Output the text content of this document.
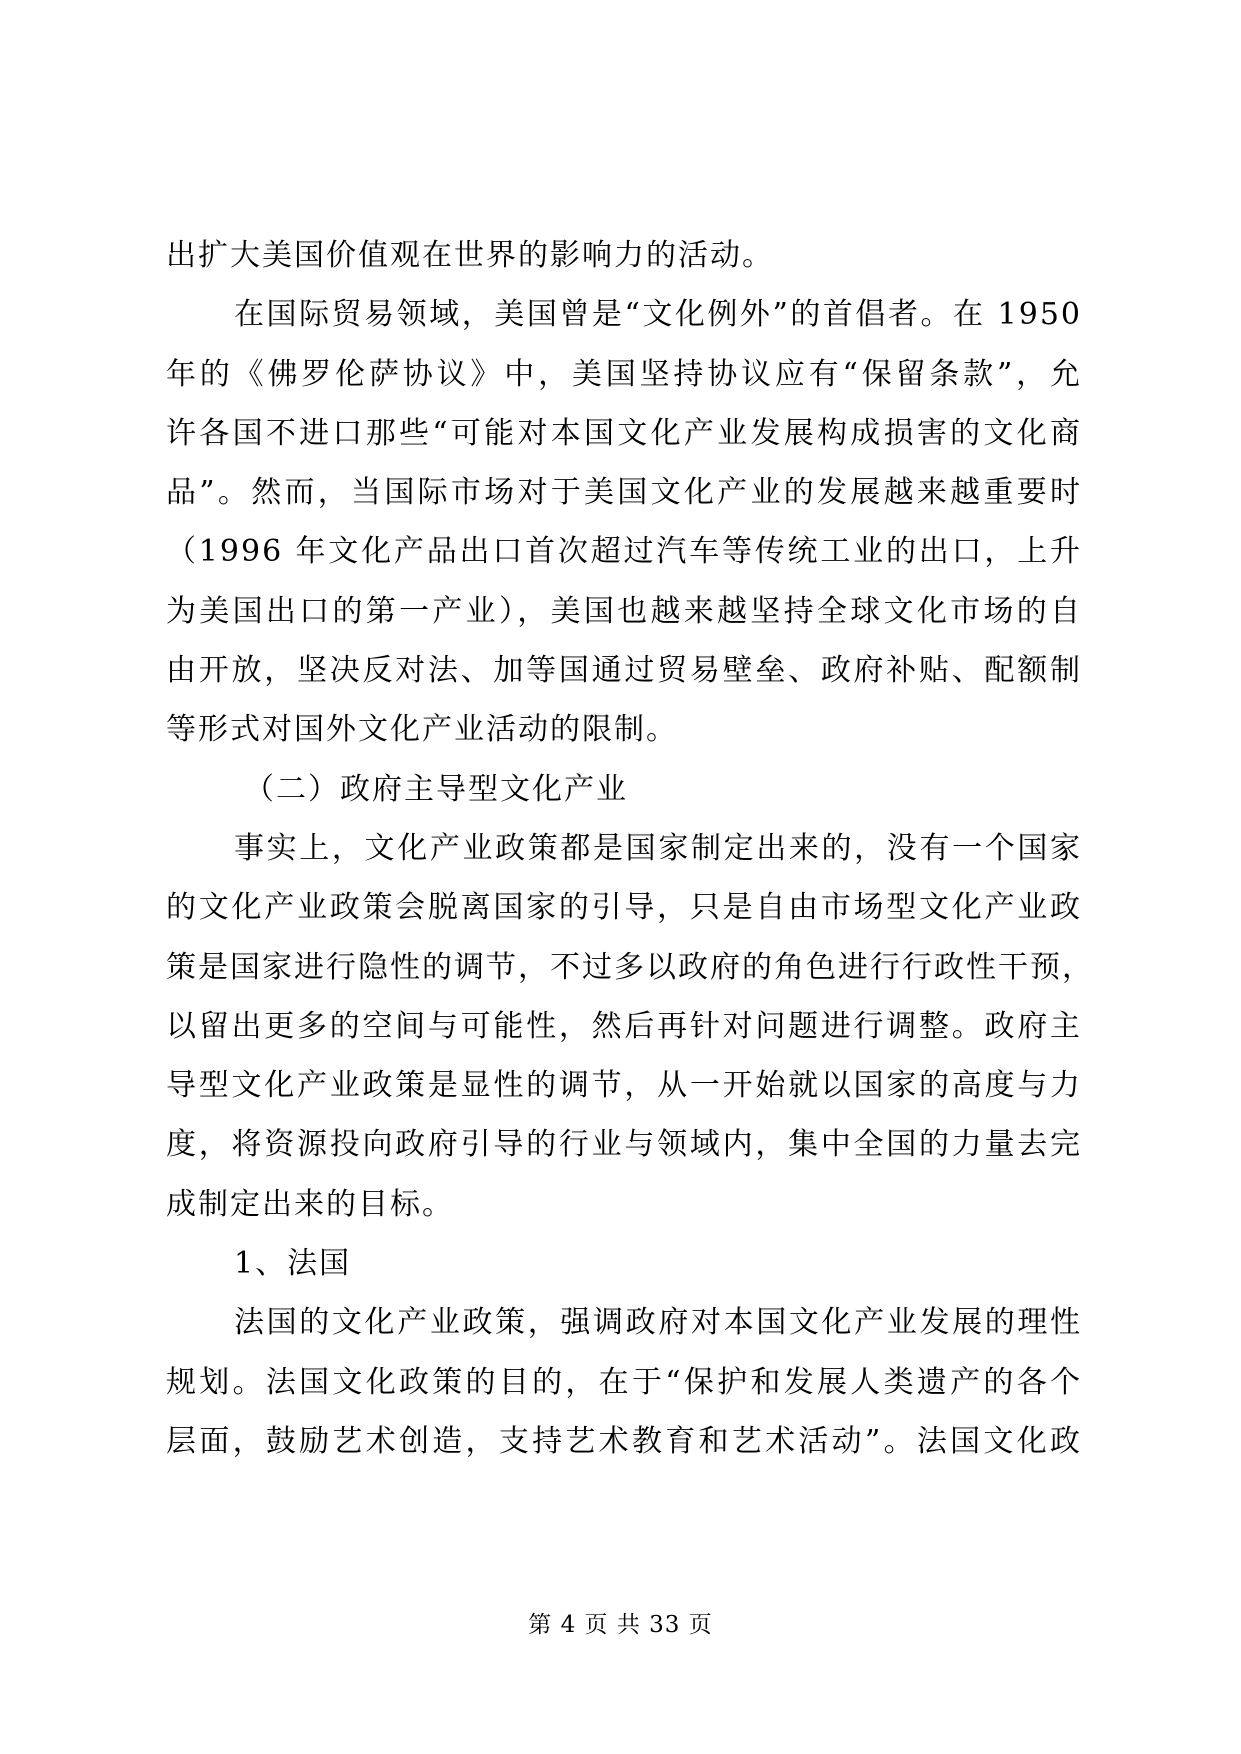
出扩大美国价值观在世界的影响力的活动。
在国际贸易领域，美国曾是“文化例外”的首倡者。在 1950
年的《佛罗伦萨协议》中，美国坚持协议应有“保留条款”，允
许各国不进口那些“可能对本国文化产业发展构成损害的文化商
品”。然而，当国际市场对于美国文化产业的发展越来越重要时
（1996 年文化产品出口首次超过汽车等传统工业的出口，上升
为美国出口的第一产业），美国也越来越坚持全球文化市场的自
由开放，坚决反对法、加等国通过贸易壁垒、政府补贴、配额制
等形式对国外文化产业活动的限制。
（二）政府主导型文化产业
事实上，文化产业政策都是国家制定出来的，没有一个国家
的文化产业政策会脱离国家的引导，只是自由市场型文化产业政
策是国家进行隐性的调节，不过多以政府的角色进行行政性干预，
以留出更多的空间与可能性，然后再针对问题进行调整。政府主
导型文化产业政策是显性的调节，从一开始就以国家的高度与力
度，将资源投向政府引导的行业与领域内，集中全国的力量去完
成制定出来的目标。
1、法国
法国的文化产业政策，强调政府对本国文化产业发展的理性
规划。法国文化政策的目的，在于“保护和发展人类遗产的各个
层面，鼓励艺术创造，支持艺术教育和艺术活动”。法国文化政
第 4 页 共 33 页
